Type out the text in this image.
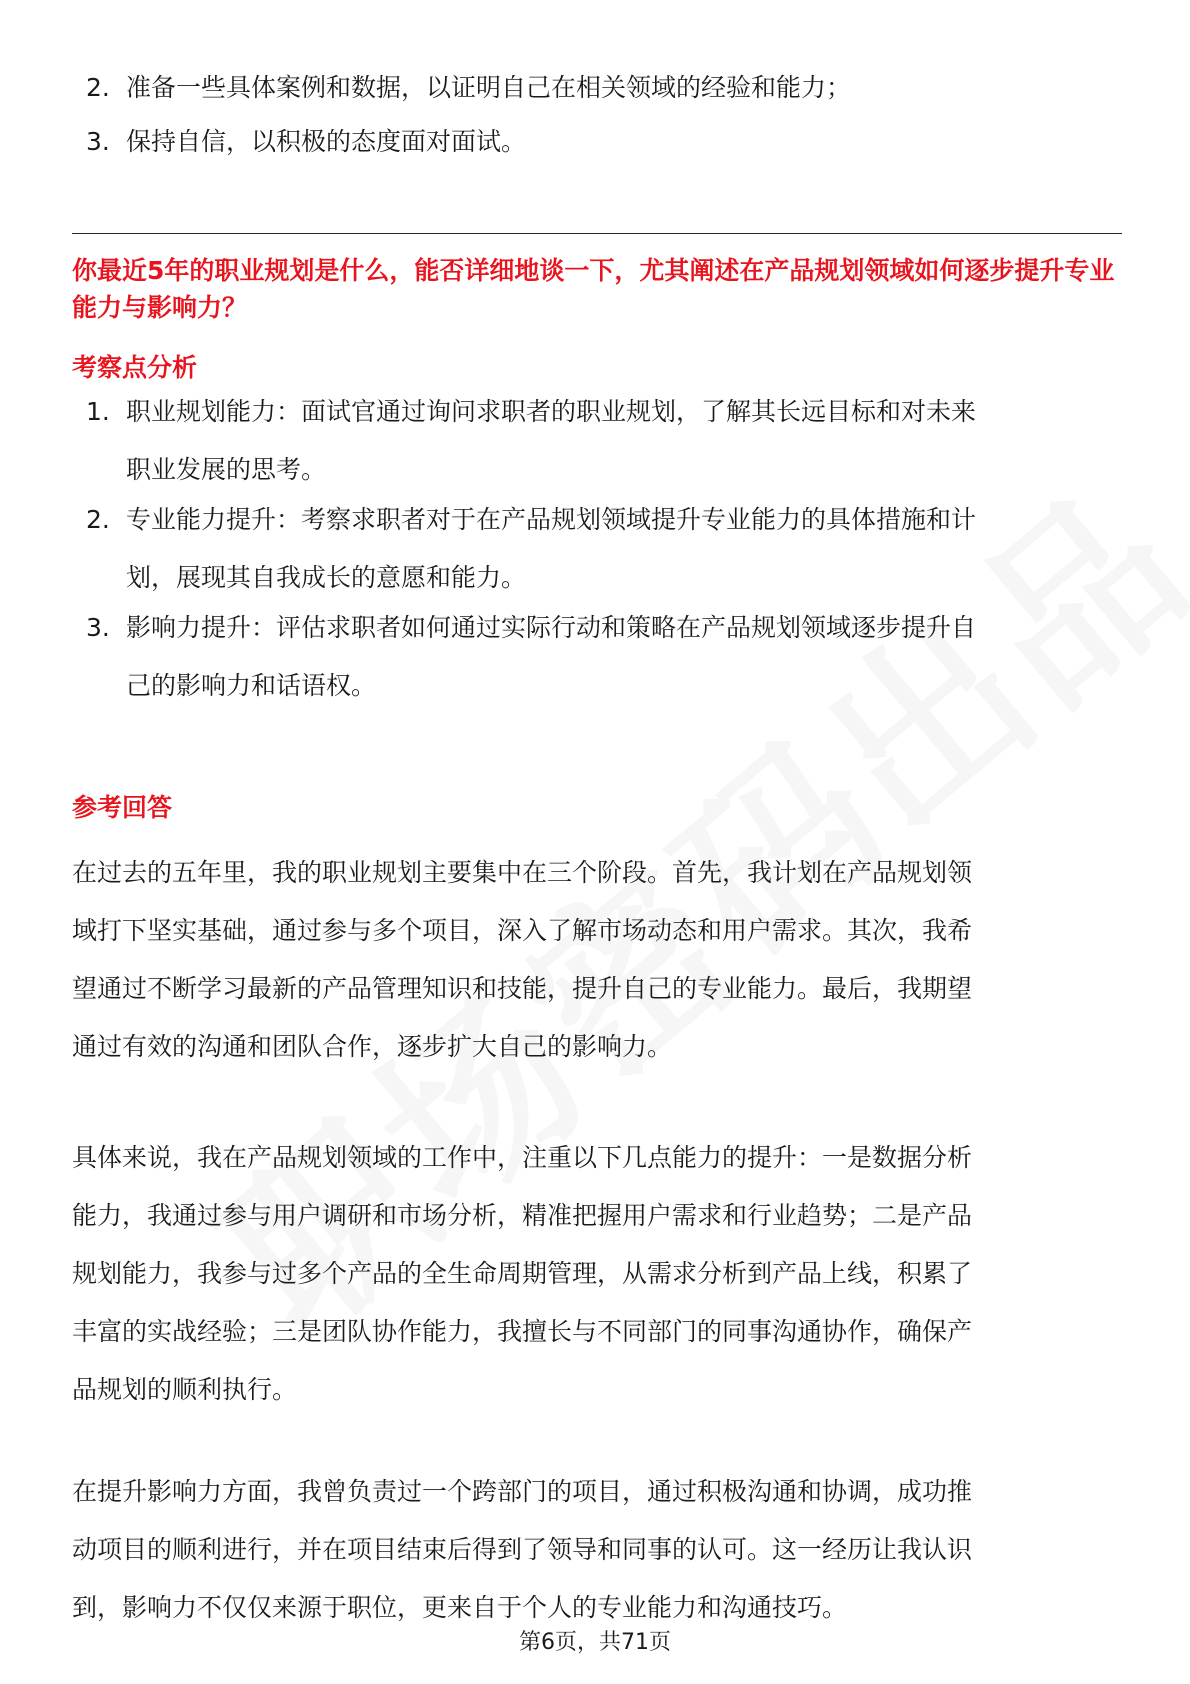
2. 准备一些具体案例和数据，以证明自己在相关领域的经验和能力；
3. 保持自信，以积极的态度面对面试。
你最近5年的职业规划是什么，能否详细地谈一下，尤其阐述在产品规划领域如何逐步提升专业能力与影响力？
考察点分析
1. 职业规划能力：面试官通过询问求职者的职业规划，了解其长远目标和对未来
职业发展的思考。
2. 专业能力提升：考察求职者对于在产品规划领域提升专业能力的具体措施和计
划，展现其自我成长的意愿和能力。
3. 影响力提升：评估求职者如何通过实际行动和策略在产品规划领域逐步提升自
己的影响力和话语权。
参考回答
在过去的五年里，我的职业规划主要集中在三个阶段。首先，我计划在产品规划领
域打下坚实基础，通过参与多个项目，深入了解市场动态和用户需求。其次，我希
望通过不断学习最新的产品管理知识和技能，提升自己的专业能力。最后，我期望
通过有效的沟通和团队合作，逐步扩大自己的影响力。
具体来说，我在产品规划领域的工作中，注重以下几点能力的提升：一是数据分析
能力，我通过参与用户调研和市场分析，精准把握用户需求和行业趋势；二是产品
规划能力，我参与过多个产品的全生命周期管理，从需求分析到产品上线，积累了
丰富的实战经验；三是团队协作能力，我擅长与不同部门的同事沟通协作，确保产
品规划的顺利执行。
在提升影响力方面，我曾负责过一个跨部门的项目，通过积极沟通和协调，成功推
动项目的顺利进行，并在项目结束后得到了领导和同事的认可。这一经历让我认识
到，影响力不仅仅来源于职位，更来自于个人的专业能力和沟通技巧。
第6页，共71页
